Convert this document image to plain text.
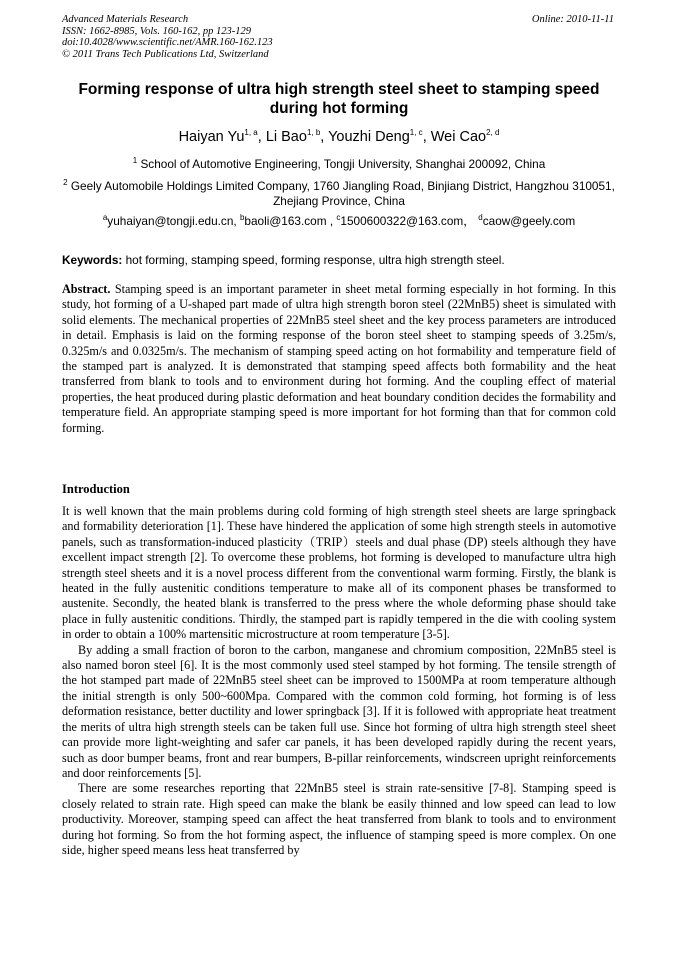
Advanced Materials Research
ISSN: 1662-8985, Vols. 160-162, pp 123-129
doi:10.4028/www.scientific.net/AMR.160-162.123
© 2011 Trans Tech Publications Ltd, Switzerland
Online: 2010-11-11
Forming response of ultra high strength steel sheet to stamping speed during hot forming
Haiyan Yu$^{1, a}$, Li Bao$^{1, b}$, Youzhi Deng$^{1, c}$, Wei Cao$^{2, d}$
$^1$ School of Automotive Engineering, Tongji University, Shanghai 200092, China
$^2$ Geely Automobile Holdings Limited Company, 1760 Jiangling Road, Binjiang District, Hangzhou 310051, Zhejiang Province, China
$^a$yuhaiyan@tongji.edu.cn, $^b$baoli@163.com , $^c$1500600322@163.com， $^d$caow@geely.com
Keywords: hot forming, stamping speed, forming response, ultra high strength steel.

Abstract. Stamping speed is an important parameter in sheet metal forming especially in hot forming. In this study, hot forming of a U-shaped part made of ultra high strength boron steel (22MnB5) sheet is simulated with solid elements. The mechanical properties of 22MnB5 steel sheet and the key process parameters are introduced in detail. Emphasis is laid on the forming response of the boron steel sheet to stamping speeds of 3.25m/s, 0.325m/s and 0.0325m/s. The mechanism of stamping speed acting on hot formability and temperature field of the stamped part is analyzed. It is demonstrated that stamping speed affects both formability and the heat transferred from blank to tools and to environment during hot forming. And the coupling effect of material properties, the heat produced during plastic deformation and heat boundary condition decides the formability and temperature field. An appropriate stamping speed is more important for hot forming than that for common cold forming.

Introduction

It is well known that the main problems during cold forming of high strength steel sheets are large springback and formability deterioration [1]. These have hindered the application of some high strength steels in automotive panels, such as transformation-induced plasticity（TRIP）steels and dual phase (DP) steels although they have excellent impact strength [2]. To overcome these problems, hot forming is developed to manufacture ultra high strength steel sheets and it is a novel process different from the conventional warm forming. Firstly, the blank is heated in the fully austenitic conditions temperature to make all of its component phases be transformed to austenite. Secondly, the heated blank is transferred to the press where the whole deforming phase should take place in fully austenitic conditions. Thirdly, the stamped part is rapidly tempered in the die with cooling system in order to obtain a 100% martensitic microstructure at room temperature [3-5].

By adding a small fraction of boron to the carbon, manganese and chromium composition, 22MnB5 steel is also named boron steel [6]. It is the most commonly used steel stamped by hot forming. The tensile strength of the hot stamped part made of 22MnB5 steel sheet can be improved to 1500MPa at room temperature although the initial strength is only 500~600Mpa. Compared with the common cold forming, hot forming is of less deformation resistance, better ductility and lower springback [3]. If it is followed with appropriate heat treatment the merits of ultra high strength steels can be taken full use. Since hot forming of ultra high strength steel sheet can provide more light-weighting and safer car panels, it has been developed rapidly during the recent years, such as door bumper beams, front and rear bumpers, B-pillar reinforcements, windscreen upright reinforcements and door reinforcements [5].

There are some researches reporting that 22MnB5 steel is strain rate-sensitive [7-8]. Stamping speed is closely related to strain rate. High speed can make the blank be easily thinned and low speed can lead to low productivity. Moreover, stamping speed can affect the heat transferred from blank to tools and to environment during hot forming. So from the hot forming aspect, the influence of stamping speed is more complex. On one side, higher speed means less heat transferred by
